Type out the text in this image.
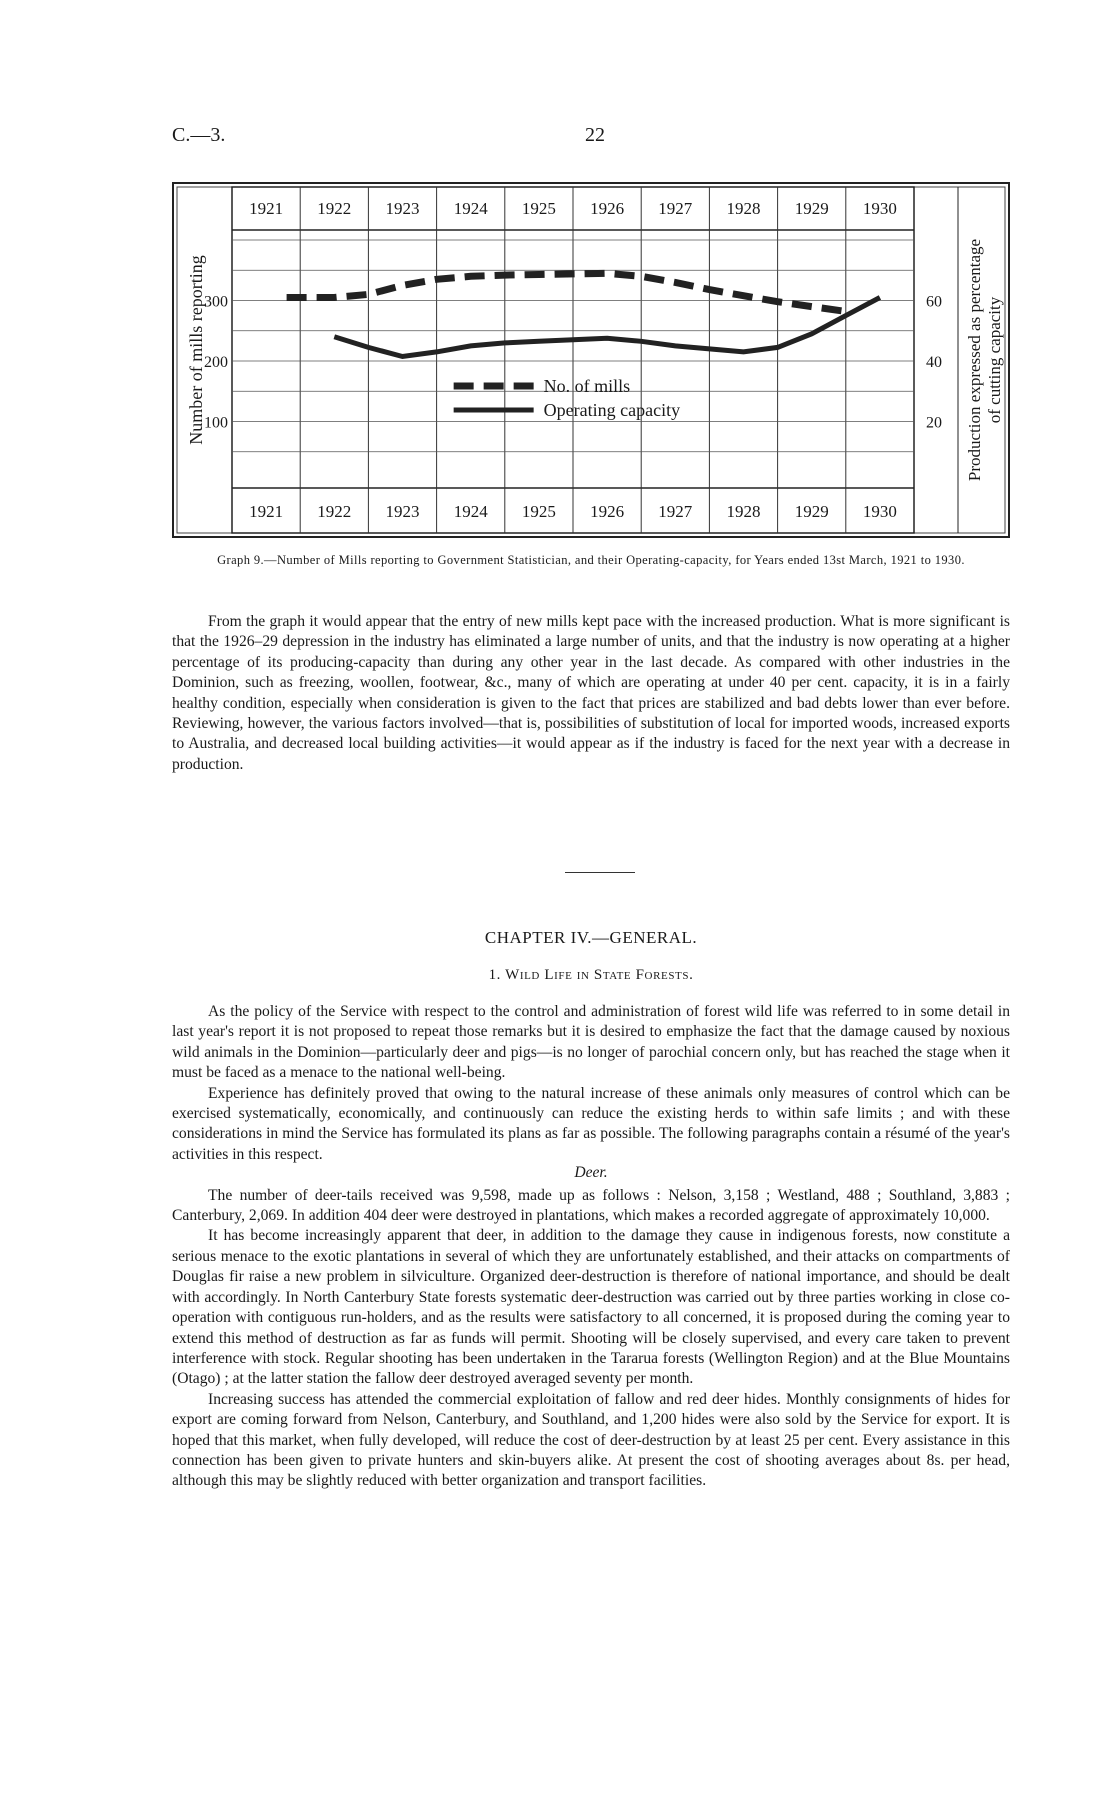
C.—3.	22
1921
1921
1922
1922
1923
1923
1924
1924
1925
1925
1926
1926
1927
1927
1928
1928
1929
1929
1930
1930
300
200
100
60
40
20
Number of mills reporting	Production expressed as percentageof cutting capacity
No. of mills
Operating capacity
Graph 9.—Number of Mills reporting to Government Statistician, and their Operating-capacity, for Years ended 13st March, 1921 to 1930.

From the graph it would appear that the entry of new mills kept pace with the increased production. What is more significant is that the 1926–29 depression in the industry has eliminated a large number of units, and that the industry is now operating at a higher percentage of its producing-capacity than during any other year in the last decade. As compared with other industries in the Dominion, such as freezing, woollen, footwear, &c., many of which are operating at under 40 per cent. capacity, it is in a fairly healthy condition, especially when consideration is given to the fact that prices are stabilized and bad debts lower than ever before. Reviewing, however, the various factors involved—that is, possibilities of substitution of local for imported woods, increased exports to Australia, and decreased local building activities—it would appear as if the industry is faced for the next year with a decrease in production.

CHAPTER IV.—GENERAL.
1. Wild Life in State Forests.

As the policy of the Service with respect to the control and administration of forest wild life was referred to in some detail in last year's report it is not proposed to repeat those remarks but it is desired to emphasize the fact that the damage caused by noxious wild animals in the Dominion—particularly deer and pigs—is no longer of parochial concern only, but has reached the stage when it must be faced as a menace to the national well-being.

Experience has definitely proved that owing to the natural increase of these animals only measures of control which can be exercised systematically, economically, and continuously can reduce the existing herds to within safe limits ; and with these considerations in mind the Service has formulated its plans as far as possible. The following paragraphs contain a résumé of the year's activities in this respect.

Deer.

The number of deer-tails received was 9,598, made up as follows : Nelson, 3,158 ; Westland, 488 ; Southland, 3,883 ; Canterbury, 2,069. In addition 404 deer were destroyed in plantations, which makes a recorded aggregate of approximately 10,000.

It has become increasingly apparent that deer, in addition to the damage they cause in indigenous forests, now constitute a serious menace to the exotic plantations in several of which they are unfortunately established, and their attacks on compartments of Douglas fir raise a new problem in silviculture. Organized deer-destruction is therefore of national importance, and should be dealt with accordingly. In North Canterbury State forests systematic deer-destruction was carried out by three parties working in close co-operation with contiguous run-holders, and as the results were satisfactory to all concerned, it is proposed during the coming year to extend this method of destruction as far as funds will permit. Shooting will be closely supervised, and every care taken to prevent interference with stock. Regular shooting has been undertaken in the Tararua forests (Wellington Region) and at the Blue Mountains (Otago) ; at the latter station the fallow deer destroyed averaged seventy per month.

Increasing success has attended the commercial exploitation of fallow and red deer hides. Monthly consignments of hides for export are coming forward from Nelson, Canterbury, and Southland, and 1,200 hides were also sold by the Service for export. It is hoped that this market, when fully developed, will reduce the cost of deer-destruction by at least 25 per cent. Every assistance in this connection has been given to private hunters and skin-buyers alike. At present the cost of shooting averages about 8s. per head, although this may be slightly reduced with better organization and transport facilities.
